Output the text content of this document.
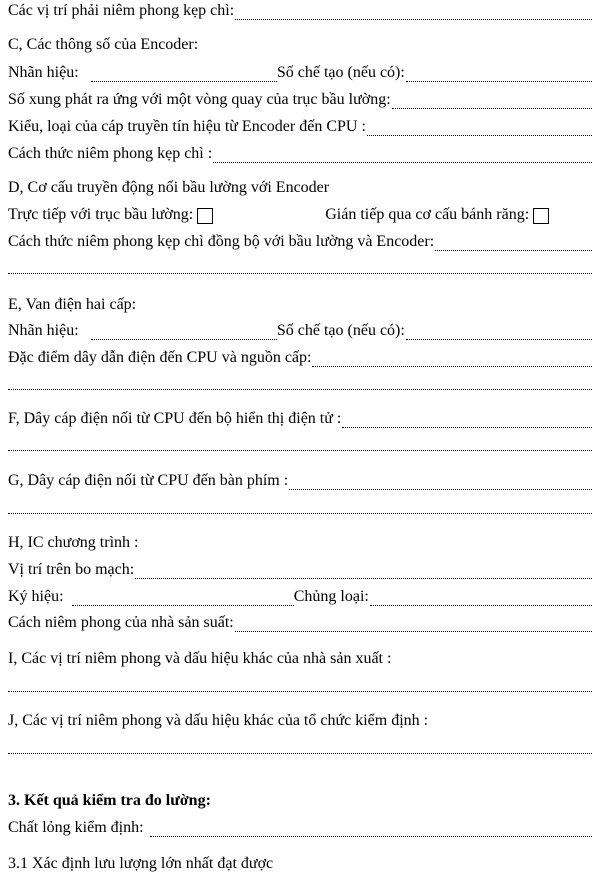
Các vị trí phải niêm phong kẹp chì:
C, Các thông số của Encoder:
Nhãn hiệu:	Số chế tạo (nếu có):
Số xung phát ra ứng với một vòng quay của trục bầu lường:
Kiểu, loại của cáp truyền tín hiệu từ Encoder đến CPU :
Cách thức niêm phong kẹp chì :
D, Cơ cấu truyền động nối bầu lường với Encoder
Trực tiếp với trục bầu lường:	Gián tiếp qua cơ cấu bánh răng:
Cách thức niêm phong kẹp chì đồng bộ với bầu lường và Encoder:
E, Van điện hai cấp:
Nhãn hiệu:	Số chế tạo (nếu có):
Đặc điểm dây dẫn điện đến CPU và nguồn cấp:
F, Dây cáp điện nối từ CPU đến bộ hiển thị điện tử :
G, Dây cáp điện nối từ CPU đến bàn phím :
H, IC chương trình :
Vị trí trên bo mạch:
Ký hiệu:	Chủng loại:
Cách niêm phong của nhà sản suất:
I, Các vị trí niêm phong và dấu hiệu khác của nhà sản xuất :
J, Các vị trí niêm phong và dấu hiệu khác của tổ chức kiểm định :
3. Kết quả kiểm tra đo lường:
Chất lỏng kiểm định:
3.1 Xác định lưu lượng lớn nhất đạt được
